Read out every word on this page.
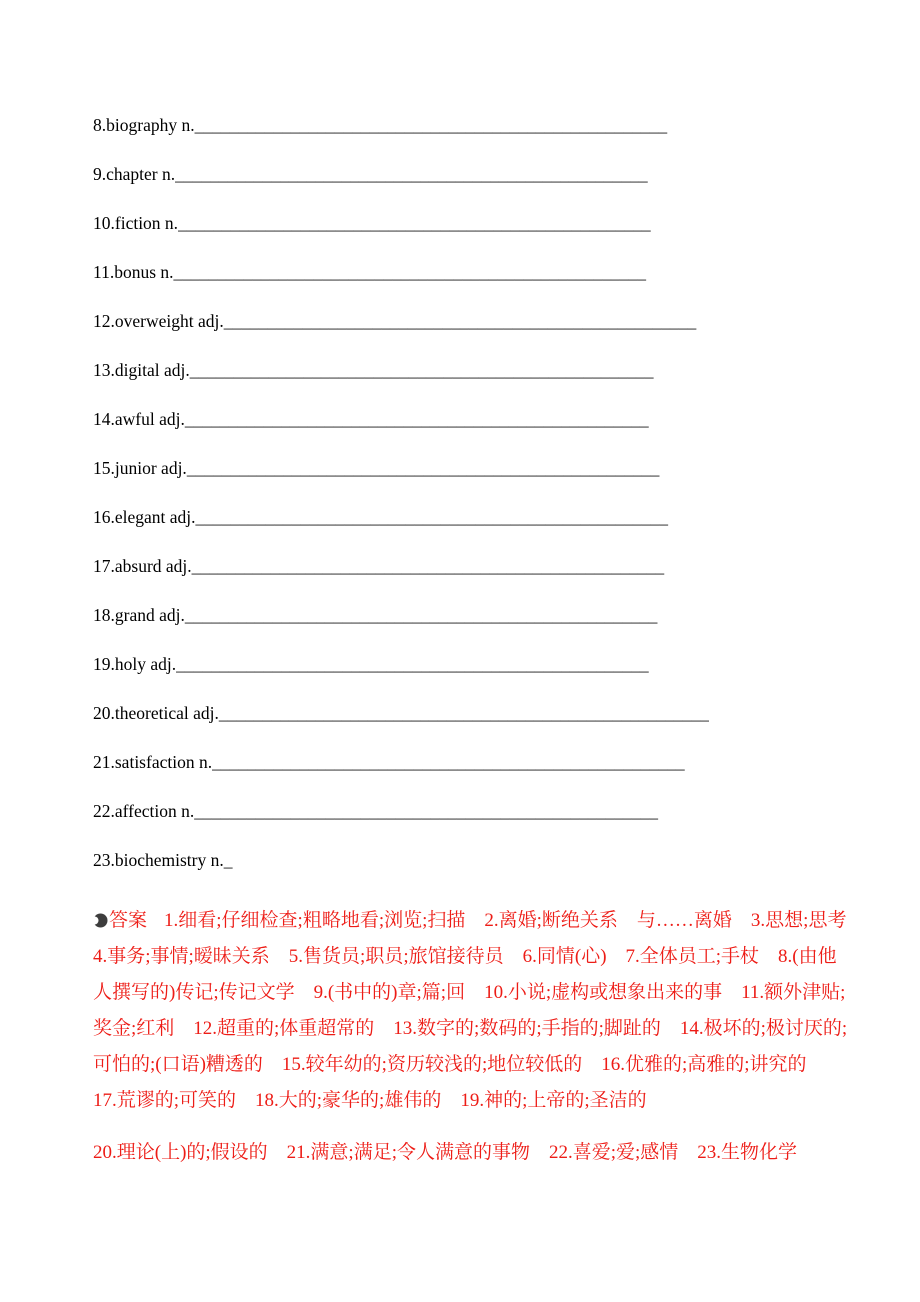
8.biography n.______________________________________________________
9.chapter n.______________________________________________________
10.fiction n.______________________________________________________
11.bonus n.______________________________________________________
12.overweight adj.______________________________________________________
13.digital adj._____________________________________________________
14.awful adj._____________________________________________________
15.junior adj.______________________________________________________
16.elegant adj.______________________________________________________
17.absurd adj.______________________________________________________
18.grand adj.______________________________________________________
19.holy adj.______________________________________________________
20.theoretical adj.________________________________________________________
21.satisfaction n.______________________________________________________
22.affection n._____________________________________________________
23.biochemistry n._
答案 1.细看;仔细检查;粗略地看;浏览;扫描　2.离婚;断绝关系　与……离婚　3.思想;思考
4.事务;事情;暧昧关系　5.售货员;职员;旅馆接待员　6.同情(心)　7.全体员工;手杖　8.(由他
人撰写的)传记;传记文学　9.(书中的)章;篇;回　10.小说;虚构或想象出来的事　11.额外津贴;
奖金;红利　12.超重的;体重超常的　13.数字的;数码的;手指的;脚趾的　14.极坏的;极讨厌的;
可怕的;(口语)糟透的　15.较年幼的;资历较浅的;地位较低的　16.优雅的;高雅的;讲究的
17.荒谬的;可笑的　18.大的;豪华的;雄伟的　19.神的;上帝的;圣洁的
20.理论(上)的;假设的　21.满意;满足;令人满意的事物　22.喜爱;爱;感情　23.生物化学
